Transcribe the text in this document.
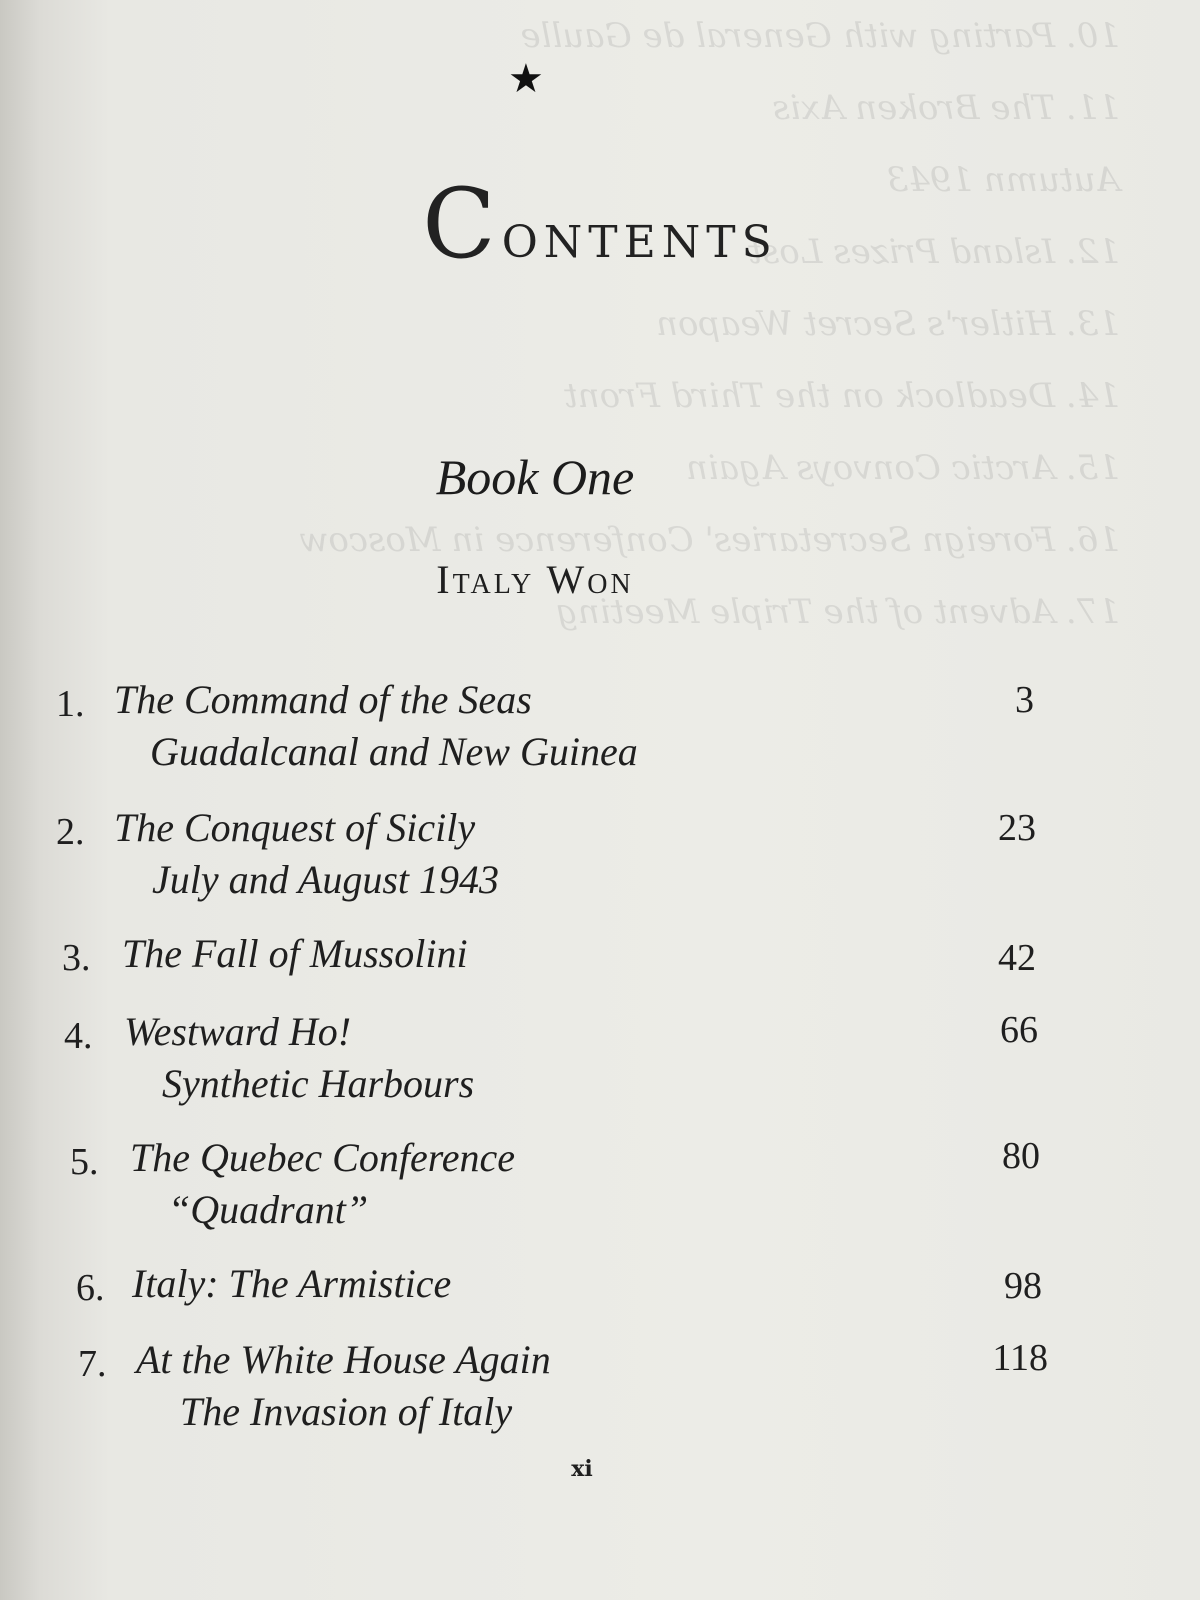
10. Parting with General de Gaulle
11. The Broken Axis
Autumn 1943
12. Island Prizes Lost
13. Hitler's Secret Weapon
14. Deadlock on the Third Front
15. Arctic Convoys Again
16. Foreign Secretaries' Conference in Moscow
17. Advent of the Triple Meeting
★
CONTENTS
Book One
Italy Won
1. The Command of the Seas
Guadalcanal and New Guinea
3
2. The Conquest of Sicily
July and August 1943
23
3. The Fall of Mussolini	42
4. Westward Ho!
Synthetic Harbours
66
5. The Quebec Conference
“Quadrant”
80
6. Italy: The Armistice	98
7. At the White House Again
The Invasion of Italy
118
xi
